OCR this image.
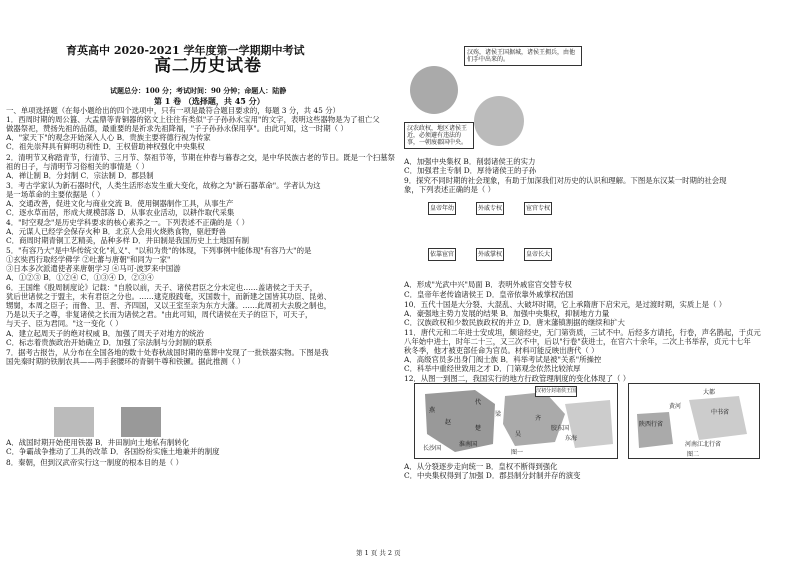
育英高中 2020-2021 学年度第一学期期中考试
高二历史试卷
试题总分：100 分；考试时间：90 分钟；命题人：陆静
第 1 卷 （选择题，共 45 分）
一、单项选择题（在每小题给出的四个选项中，只有一项是最符合题目要求的，每题 3 分，共 45 分）
1．西周时期的周公簋、大盂鼎等青铜器的铭文上往往有类似"子子孙孙永宝用"的文字，表明这些器物是为了祖亡父
做器祭祀，赞扬先祖的品德，最重要的是祈求先祖降福，"子子孙孙永保用享"。由此可知，这一时期（ ）
A．"家天下"的观念开始深入人心 B．贵族主要将德行视为传家
C．祖先崇拜具有鲜明功利性 D．王权借助神权强化中央集权
2．清明节又称踏青节，行清节、三月节、祭祖节等，节期在仲春与暮春之交，是中华民族古老的节日。既是一个扫墓祭
祖的日子，与清明节习俗相关的事情是（ ）
A．禅让制 B．分封制 C．宗法制 D．郡县制
3．考古学家认为新石器时代，人类生活形态发生重大变化，故称之为"新石器革命"。学者认为这
是一场革命的主要依据是（ ）
A．交通改善，促进文化与商业交流 B．使用铜器制作工具，从事生产
C．逐水草而居，形成大规模部落 D．从事农业活动，以耕作取代采集
4．"时空观念"是历史学科要求的核心素养之一。下列表述不正确的是（ ）
A．元谋人已经学会保存火种 B．北京人会用火烧熟食物，驱赶野兽
C．商周时期青铜工艺精美，品种多样 D．井田制是我国历史上土地国有制
5．"有容乃大"是中华传统文化"礼义"、"以和为贵"的体现，下列事例中能体现"有容乃大"的是
①玄奘西行取经学佛学 ②吐蕃与唐朝"和同为一家"
③日本多次派遣使者来唐朝学习 ④马可·波罗来中国游
A．①②③ B．①②④ C．①③④ D．②③④
6．王国维《殷周制度论》记载："自殷以前，天子、诸侯君臣之分未定也……盖诸侯之于天子，
犹后世诸侯之于盟主，未有君臣之分也。……逮克殷践奄，灭国数十，而新建之国皆其功臣、昆弟、
甥舅，本周之臣子；而鲁、卫、晋、齐四国，又以王室至亲为东方大藩。……此周初大去殷之制也，
乃是以天子之尊，非复诸侯之长而为诸侯之君。"由此可知，周代诸侯在天子的臣下，可天子，
与天子、臣为君同。"这一变化（ ）
A．建立起周天子的绝对权威 B．加强了周天子对地方的统治
C．标志着贵族政治开始确立 D．加强了宗法制与分封制的联系
7．据考古报告，从分布在全国各地的数十处春秋战国时期的墓葬中发现了一批铁器实物。下图是我
国先秦时期的铁制农具——两手套腰环的青铜牛尊和铁镢。据此推测（ ）
A．战国时期开始使用铁器 B．井田制向土地私有制转化
C．争霸战争推动了工具的改革 D．各国纷纷实施土地兼并的制度
8．秦朝，但到汉武帝实行这一制度的根本目的是（ ）
汉殇，诸侯王国据城，诸侯王拥兵，由他们手中出来的。
汉农政权，地区诸侯王近，必须避有违法的事，一朝废郡国中央。
皇帝年幼	外戚专权	宦官专权
皇帝长大
外戚掌权
依靠宦官
A．加强中央集权 B．削弱诸侯王的实力
C．加强君主专制 D．厚待诸侯王的子孙
9．探究不同时期的社会现象，有助于加深我们对历史的认识和理解。下图是东汉某一时期的社会现
象，下列表述正确的是（ ）
A．形成"光武中兴"局面 B．表明外戚宦官交替专权
C．皇帝年老传谕诸侯王 D．皇帝依靠外戚掌权治国
10．五代十国是大分裂、大混乱、大破坏时期，它上承隋唐下启宋元，是过渡时期，实质上是（ ）
A．豪强地主势力发展的结果 B．加强中央集权，抑制地方力量
C．汉族政权和少数民族政权的并立 D．唐末藩镇割据的继续和扩大
11．唐代元和二年进士安成坦，颇谙经史，无门第资质，三试不中。后经多方请托，行卷，声名鹊起，于贞元
八年始中进士，时年二十三，又三次不中，后以"行卷"获进士，在官六十余年，二次上书举荐，贞元十七年
秋冬季，他才被吏部任命为官员。材料可能反映出唐代（ ）
A．高级官员多出身门阀士族 B．科举考试是被"关系"所操控
C．科举中重经世致用之才 D．门第观念依然比较浓厚
12．从图一到图二，我国实行的地方行政管理制度的变化体现了（ ）
A．从分裂逐步走向统一 B．皇权不断得到强化
C．中央集权得到了加强 D．郡县制分封制并存的演变
汉初分封诸侯王国
燕
赵
楚
吴
齐
淮南国
长沙国
代
东海
胶东国
梁
图一
大都
陕西行省
河南江北行省
中书省
黄河
图二
第 1 页 共 2 页
